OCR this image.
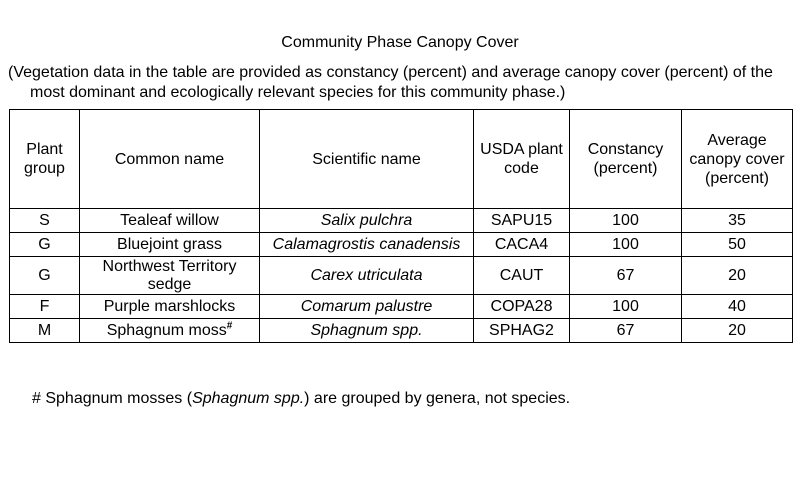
Community Phase Canopy Cover
(Vegetation data in the table are provided as constancy (percent) and average canopy cover (percent) of the most dominant and ecologically relevant species for this community phase.)
Plant group	Common name	Scientific name	USDA plant code	Constancy (percent)	Average canopy cover (percent)
S	Tealeaf willow	Salix pulchra	SAPU15	100	35
G	Bluejoint grass	Calamagrostis canadensis	CACA4	100	50
G	Northwest Territory sedge	Carex utriculata	CAUT	67	20
F	Purple marshlocks	Comarum palustre	COPA28	100	40
M	Sphagnum moss#	Sphagnum spp.	SPHAG2	67	20
# Sphagnum mosses (Sphagnum spp.) are grouped by genera, not species.
